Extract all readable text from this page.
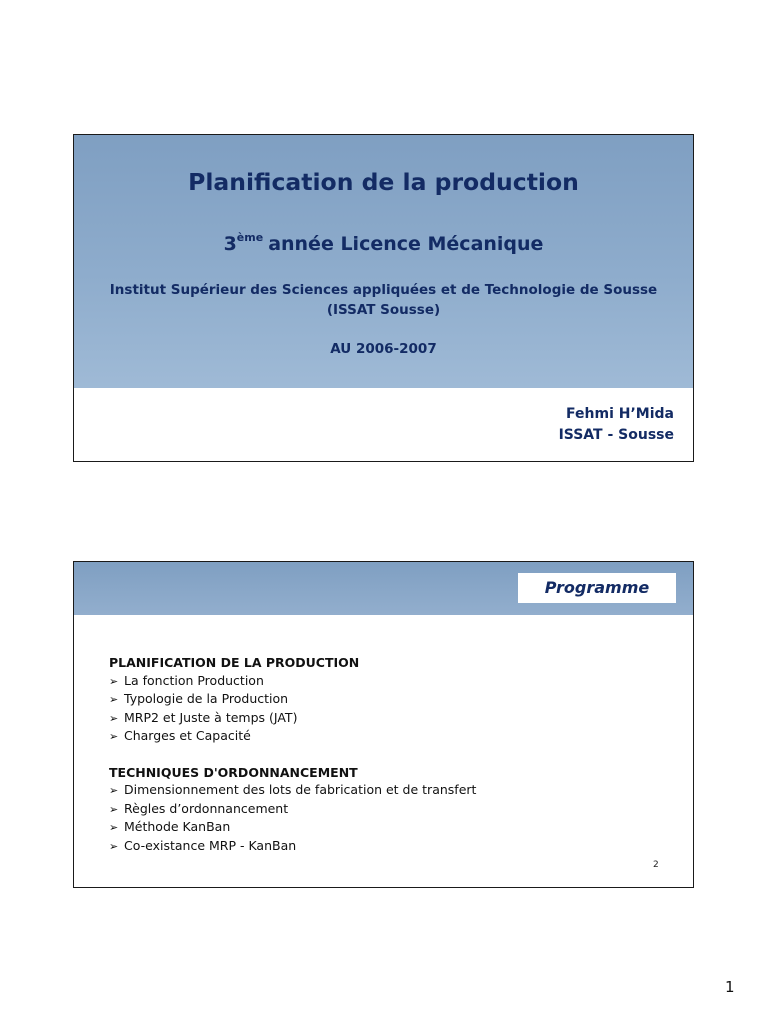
Planification de la production
3ème année Licence Mécanique
Institut Supérieur des Sciences appliquées et de Technologie de Sousse
(ISSAT Sousse)
AU 2006-2007
Fehmi H’Mida
ISSAT - Sousse
Programme
PLANIFICATION DE LA PRODUCTION
➢ La fonction Production
➢ Typologie de la Production
➢ MRP2 et Juste à temps (JAT)
➢ Charges et Capacité
TECHNIQUES D'ORDONNANCEMENT
➢ Dimensionnement des lots de fabrication et de transfert
➢ Règles d’ordonnancement
➢ Méthode KanBan
➢ Co-existance MRP - KanBan
2
1
